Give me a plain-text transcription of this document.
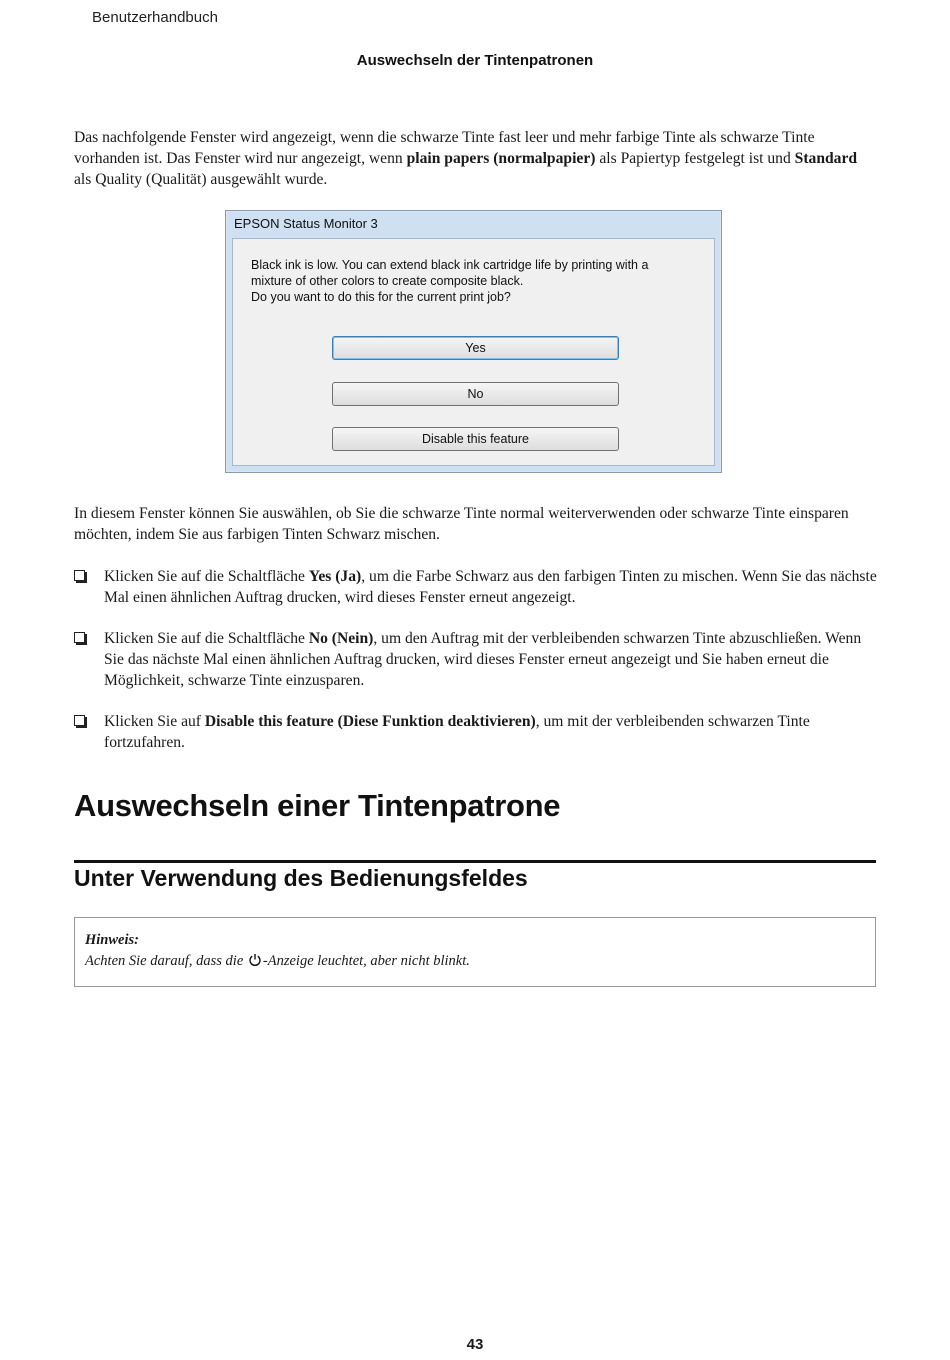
Benutzerhandbuch
Auswechseln der Tintenpatronen

Das nachfolgende Fenster wird angezeigt, wenn die schwarze Tinte fast leer und mehr farbige Tinte als schwarze Tinte vorhanden ist. Das Fenster wird nur angezeigt, wenn plain papers (normalpapier) als Papiertyp festgelegt ist und Standard als Quality (Qualität) ausgewählt wurde.

EPSON Status Monitor 3
Black ink is low. You can extend black ink cartridge life by printing with a
mixture of other colors to create composite black.
Do you want to do this for the current print job?
Yes
No
Disable this feature

In diesem Fenster können Sie auswählen, ob Sie die schwarze Tinte normal weiterverwenden oder schwarze Tinte einsparen möchten, indem Sie aus farbigen Tinten Schwarz mischen.

Klicken Sie auf die Schaltfläche Yes (Ja), um die Farbe Schwarz aus den farbigen Tinten zu mischen. Wenn Sie das nächste Mal einen ähnlichen Auftrag drucken, wird dieses Fenster erneut angezeigt.
Klicken Sie auf die Schaltfläche No (Nein), um den Auftrag mit der verbleibenden schwarzen Tinte abzuschließen. Wenn Sie das nächste Mal einen ähnlichen Auftrag drucken, wird dieses Fenster erneut angezeigt und Sie haben erneut die Möglichkeit, schwarze Tinte einzusparen.
Klicken Sie auf Disable this feature (Diese Funktion deaktivieren), um mit der verbleibenden schwarzen Tinte fortzufahren.
Auswechseln einer Tintenpatrone
Unter Verwendung des Bedienungsfeldes
Hinweis:
Achten Sie darauf, dass die -Anzeige leuchtet, aber nicht blinkt.
43
